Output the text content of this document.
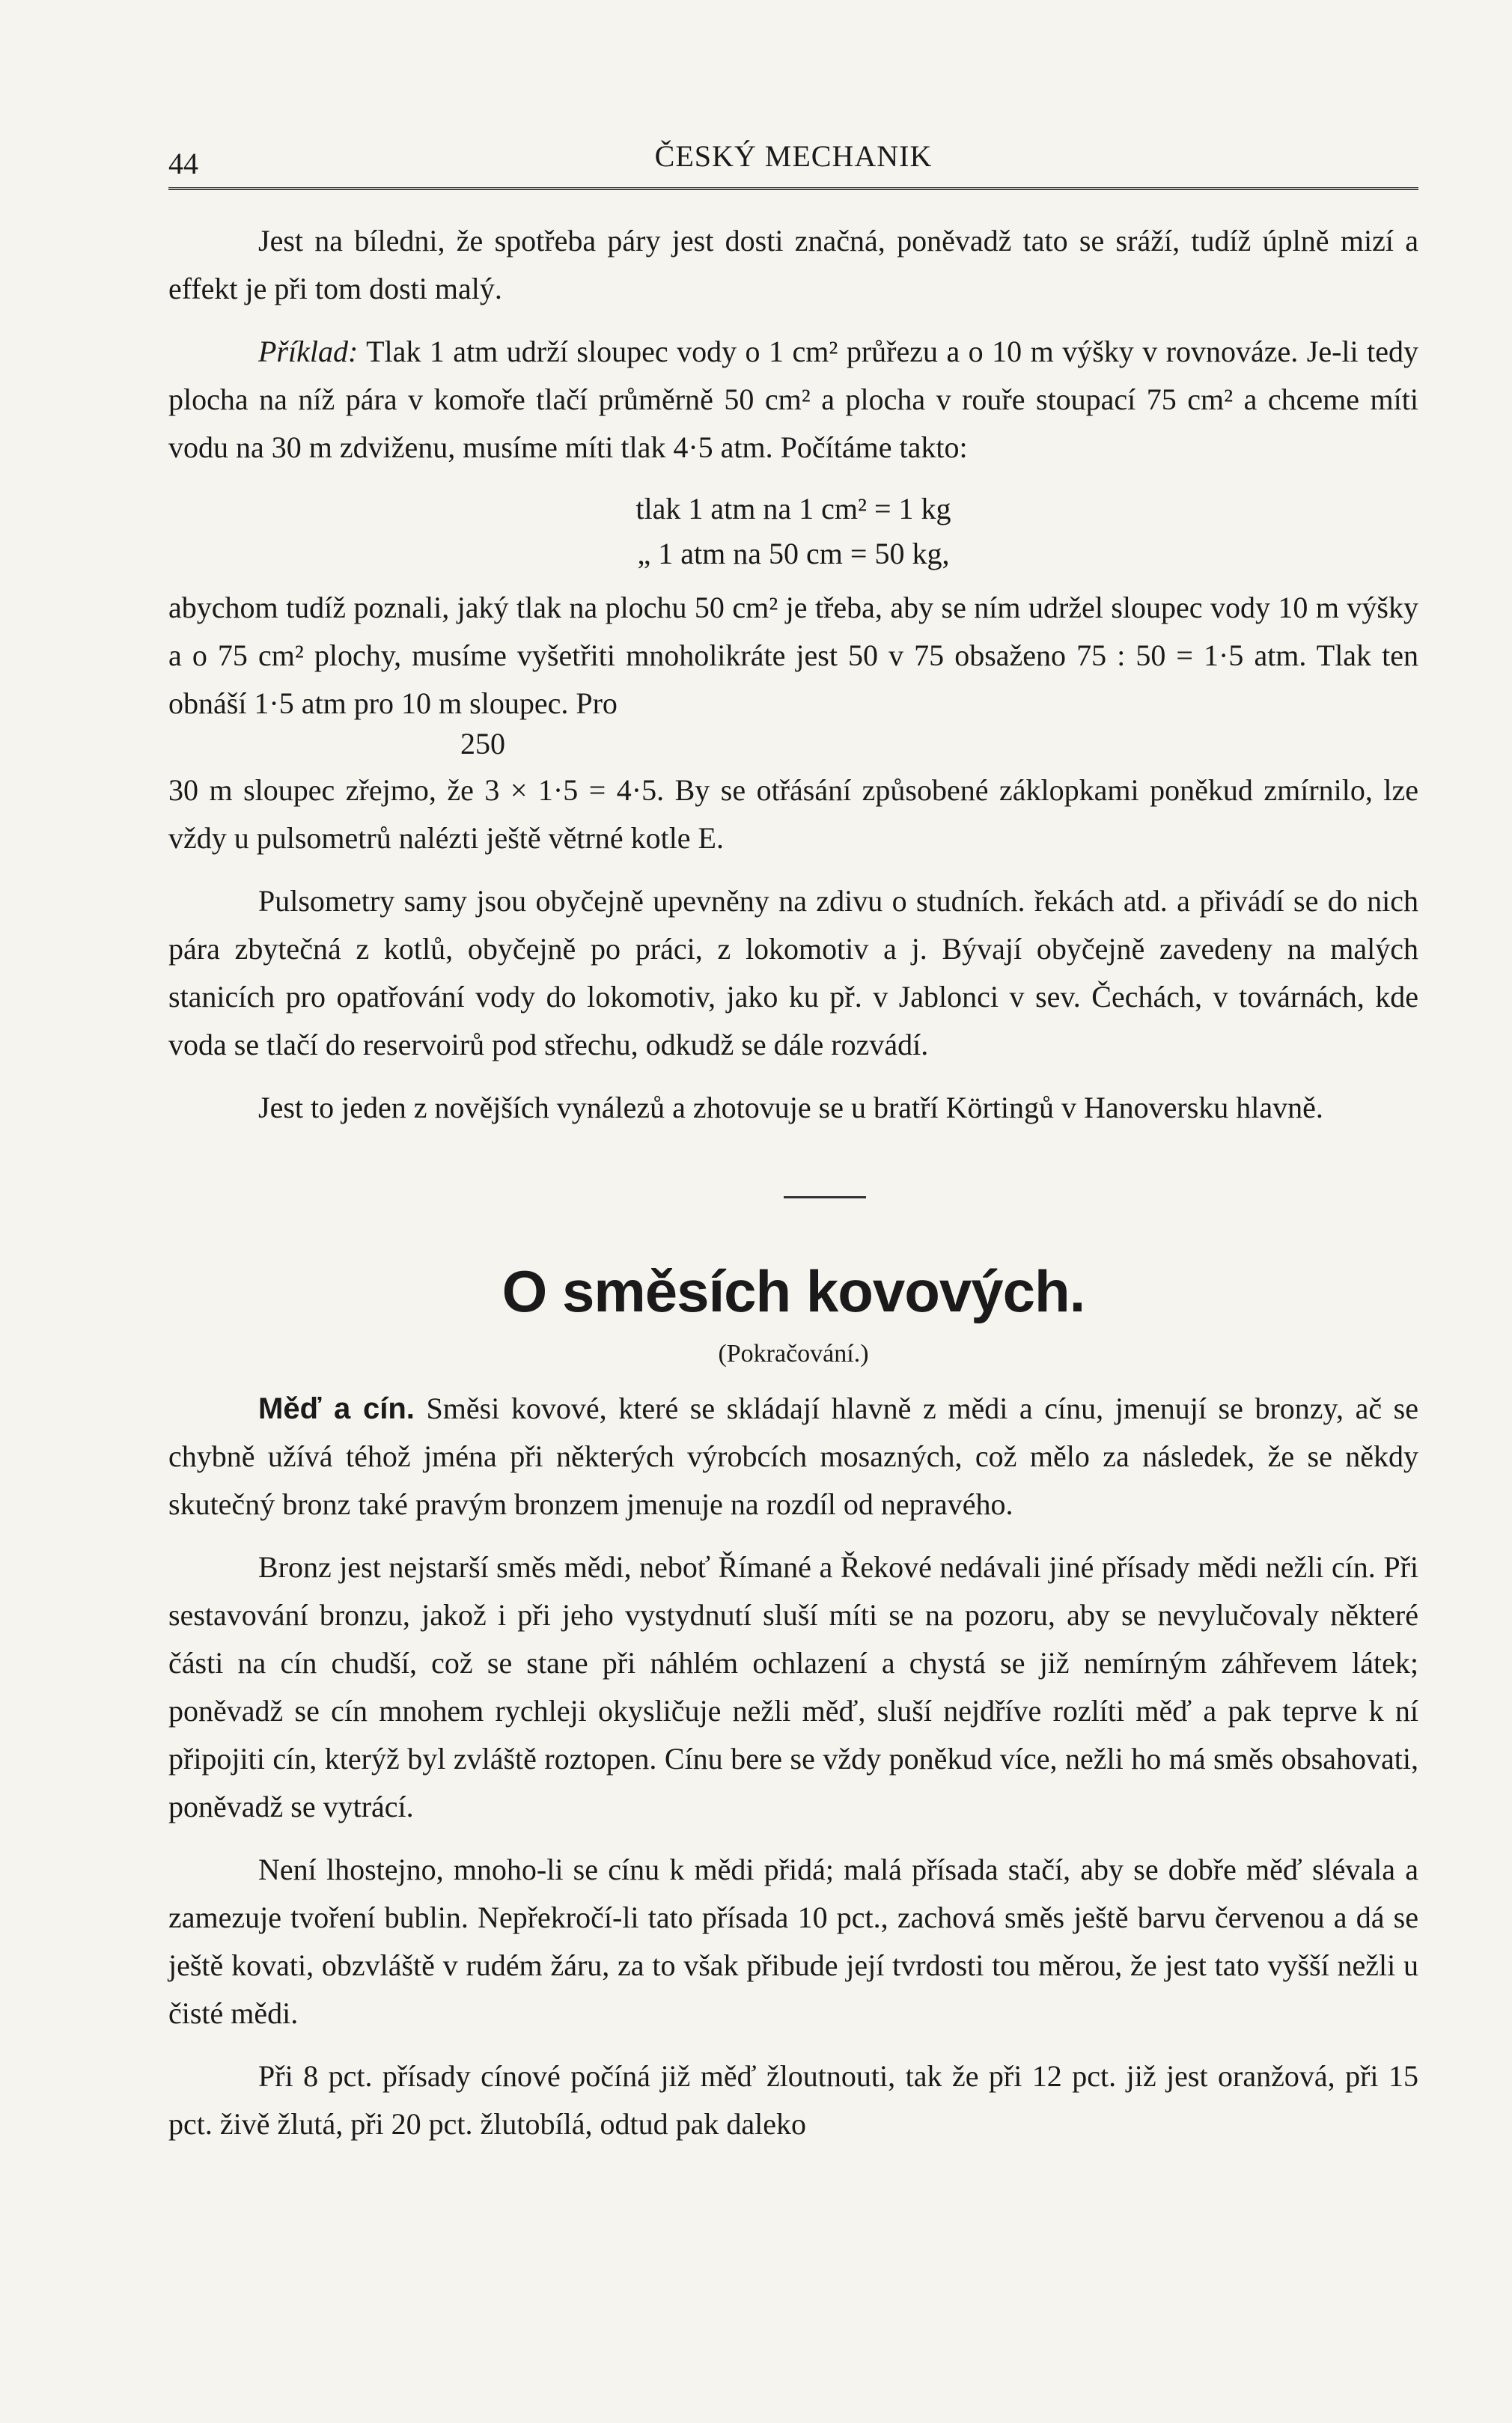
44	ČESKÝ MECHANIK

Jest na bíledni, že spotřeba páry jest dosti značná, poněvadž tato se sráží, tudíž úplně mizí a effekt je při tom dosti malý.

Příklad: Tlak 1 atm udrží sloupec vody o 1 cm² průřezu a o 10 m výšky v rovnováze. Je-li tedy plocha na níž pára v komoře tlačí průměrně 50 cm² a plocha v rouře stoupací 75 cm² a chceme míti vodu na 30 m zdviženu, musíme míti tlak 4·5 atm. Počítáme takto:

tlak 1 atm na 1 cm² = 1 kg
„ 1 atm na 50 cm = 50 kg,

abychom tudíž poznali, jaký tlak na plochu 50 cm² je třeba, aby se ním udržel sloupec vody 10 m výšky a o 75 cm² plochy, musíme vyšetřiti mnoholikráte jest 50 v 75 obsaženo 75 : 50 = 1·5 atm. Tlak ten obnáší 1·5 atm pro 10 m sloupec. Pro

250

30 m sloupec zřejmo, že 3 × 1·5 = 4·5. By se otřásání způsobené záklopkami poněkud zmírnilo, lze vždy u pulsometrů nalézti ještě větrné kotle E.

Pulsometry samy jsou obyčejně upevněny na zdivu o studních. řekách atd. a přivádí se do nich pára zbytečná z kotlů, obyčejně po práci, z lokomotiv a j. Bývají obyčejně zavedeny na malých stanicích pro opatřování vody do lokomotiv, jako ku př. v Jablonci v sev. Čechách, v továrnách, kde voda se tlačí do reservoirů pod střechu, odkudž se dále rozvádí.

Jest to jeden z novějších vynálezů a zhotovuje se u bratří Körtingů v Hanoversku hlavně.

O směsích kovových.
(Pokračování.)

Měď a cín. Směsi kovové, které se skládají hlavně z mědi a cínu, jmenují se bronzy, ač se chybně užívá téhož jména při některých výrobcích mosazných, což mělo za následek, že se někdy skutečný bronz také pravým bronzem jmenuje na rozdíl od nepravého.

Bronz jest nejstarší směs mědi, neboť Římané a Řekové nedávali jiné přísady mědi nežli cín. Při sestavování bronzu, jakož i při jeho vystydnutí sluší míti se na pozoru, aby se nevylučovaly některé části na cín chudší, což se stane při náhlém ochlazení a chystá se již nemírným záhřevem látek; poněvadž se cín mnohem rychleji okysličuje nežli měď, sluší nejdříve rozlíti měď a pak teprve k ní připojiti cín, kterýž byl zvláště roztopen. Cínu bere se vždy poněkud více, nežli ho má směs obsahovati, poněvadž se vytrácí.

Není lhostejno, mnoho-li se cínu k mědi přidá; malá přísada stačí, aby se dobře měď slévala a zamezuje tvoření bublin. Nepřekročí-li tato přísada 10 pct., zachová směs ještě barvu červenou a dá se ještě kovati, obzvláště v rudém žáru, za to však přibude její tvrdosti tou měrou, že jest tato vyšší nežli u čisté mědi.

Při 8 pct. přísady cínové počíná již měď žloutnouti, tak že při 12 pct. již jest oranžová, při 15 pct. živě žlutá, při 20 pct. žlutobílá, odtud pak daleko
